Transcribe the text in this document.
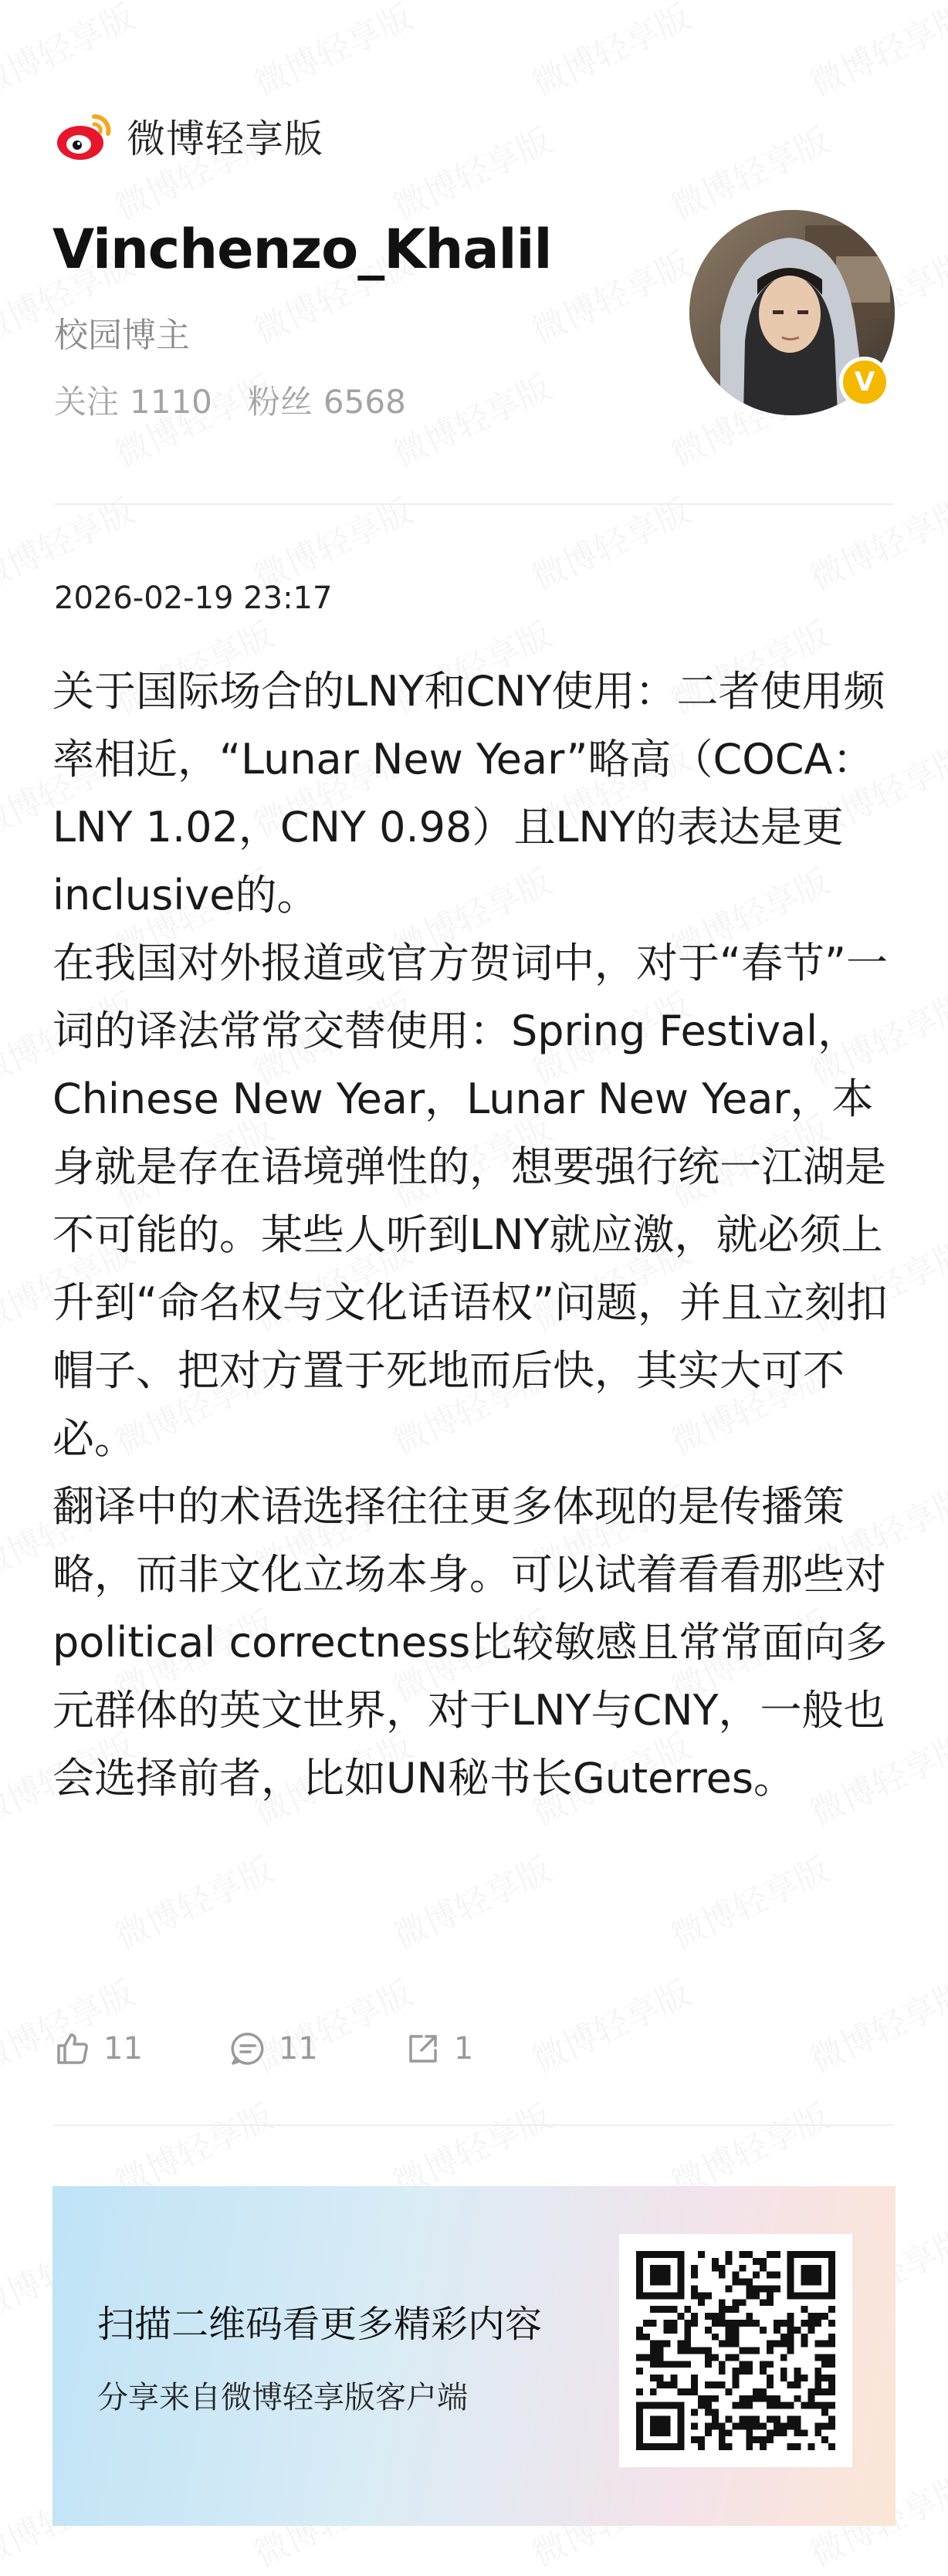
微博轻享版
Vinchenzo_Khalil
校园博主
关注 1110 粉丝 6568
V
2026-02-19 23:17

关于国际场合的LNY和CNY使用：二者使用频率相近，“Lunar New Year”略高（COCA：LNY 1.02，CNY 0.98）且LNY的表达是更inclusive的。

在我国对外报道或官方贺词中，对于“春节”一词的译法常常交替使用：Spring Festival，Chinese New Year，Lunar New Year，本身就是存在语境弹性的，想要强行统一江湖是不可能的。某些人听到LNY就应激，就必须上升到“命名权与文化话语权”问题，并且立刻扣帽子、把对方置于死地而后快，其实大可不必。

翻译中的术语选择往往更多体现的是传播策略，而非文化立场本身。可以试着看看那些对political correctness比较敏感且常常面向多元群体的英文世界，对于LNY与CNY，一般也会选择前者，比如UN秘书长Guterres。

11	11	1
扫描二维码看更多精彩内容
分享来自微博轻享版客户端
